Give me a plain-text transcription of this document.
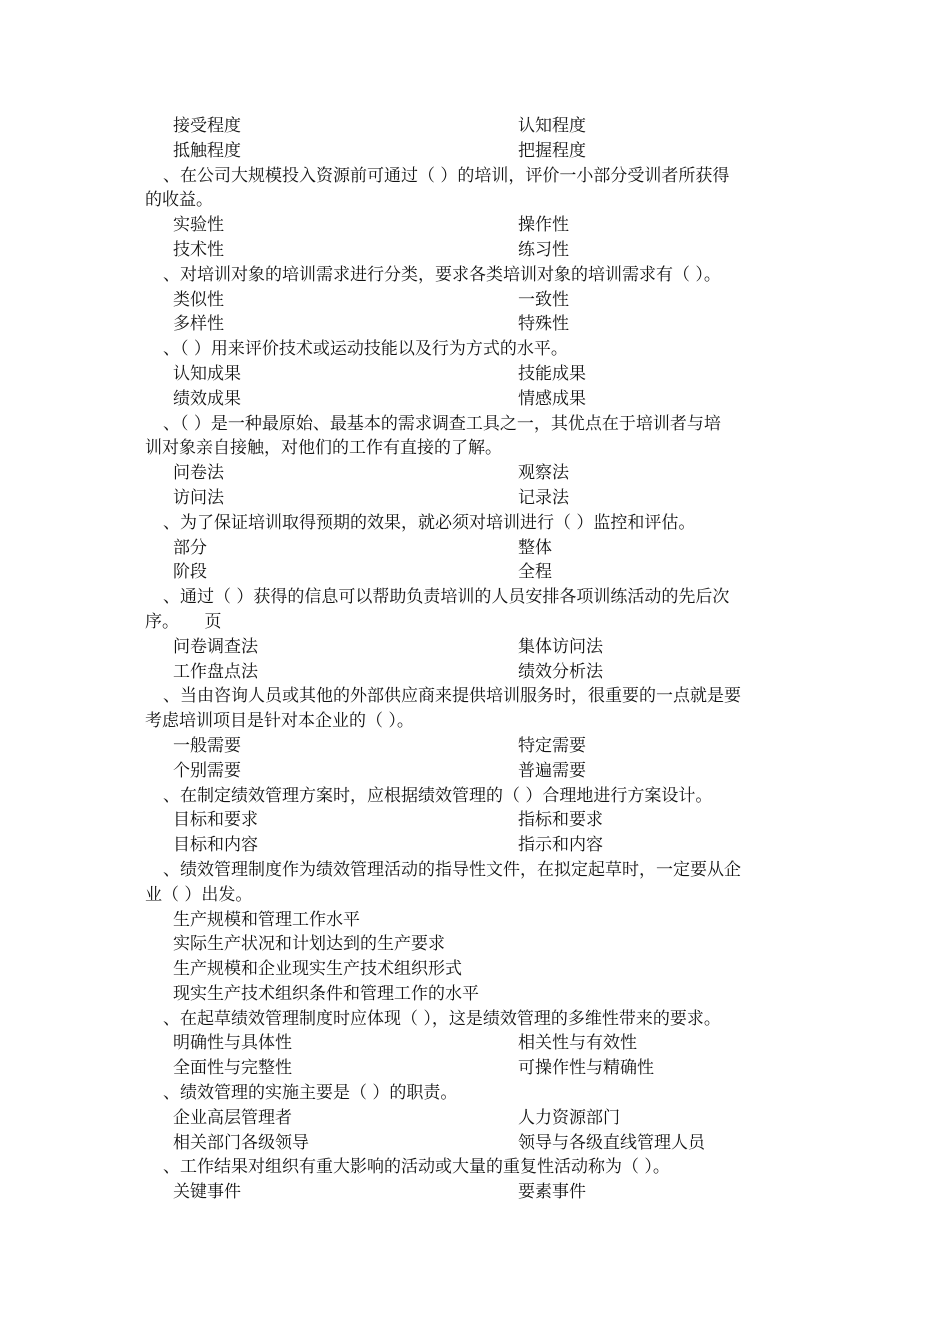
接受程度	认知程度
抵触程度	把握程度
、在公司大规模投入资源前可通过（ ）的培训，评价一小部分受训者所获得
的收益。
实验性	操作性
技术性	练习性
、对培训对象的培训需求进行分类，要求各类培训对象的培训需求有（ ）。
类似性	一致性
多样性	特殊性
、（ ）用来评价技术或运动技能以及行为方式的水平。
认知成果	技能成果
绩效成果	情感成果
、（ ）是一种最原始、最基本的需求调查工具之一，其优点在于培训者与培
训对象亲自接触，对他们的工作有直接的了解。
问卷法	观察法
访问法	记录法
、为了保证培训取得预期的效果，就必须对培训进行（ ）监控和评估。
部分	整体
阶段	全程
、通过（ ）获得的信息可以帮助负责培训的人员安排各项训练活动的先后次
序。　　页
问卷调查法	集体访问法
工作盘点法	绩效分析法
、当由咨询人员或其他的外部供应商来提供培训服务时，很重要的一点就是要
考虑培训项目是针对本企业的（ ）。
一般需要	特定需要
个别需要	普遍需要
、在制定绩效管理方案时，应根据绩效管理的（ ）合理地进行方案设计。
目标和要求	指标和要求
目标和内容	指示和内容
、绩效管理制度作为绩效管理活动的指导性文件，在拟定起草时，一定要从企
业（ ）出发。
生产规模和管理工作水平
实际生产状况和计划达到的生产要求
生产规模和企业现实生产技术组织形式
现实生产技术组织条件和管理工作的水平
、在起草绩效管理制度时应体现（ ），这是绩效管理的多维性带来的要求。
明确性与具体性	相关性与有效性
全面性与完整性	可操作性与精确性
、绩效管理的实施主要是（ ）的职责。
企业高层管理者	人力资源部门
相关部门各级领导	领导与各级直线管理人员
、工作结果对组织有重大影响的活动或大量的重复性活动称为（ ）。
关键事件	要素事件
